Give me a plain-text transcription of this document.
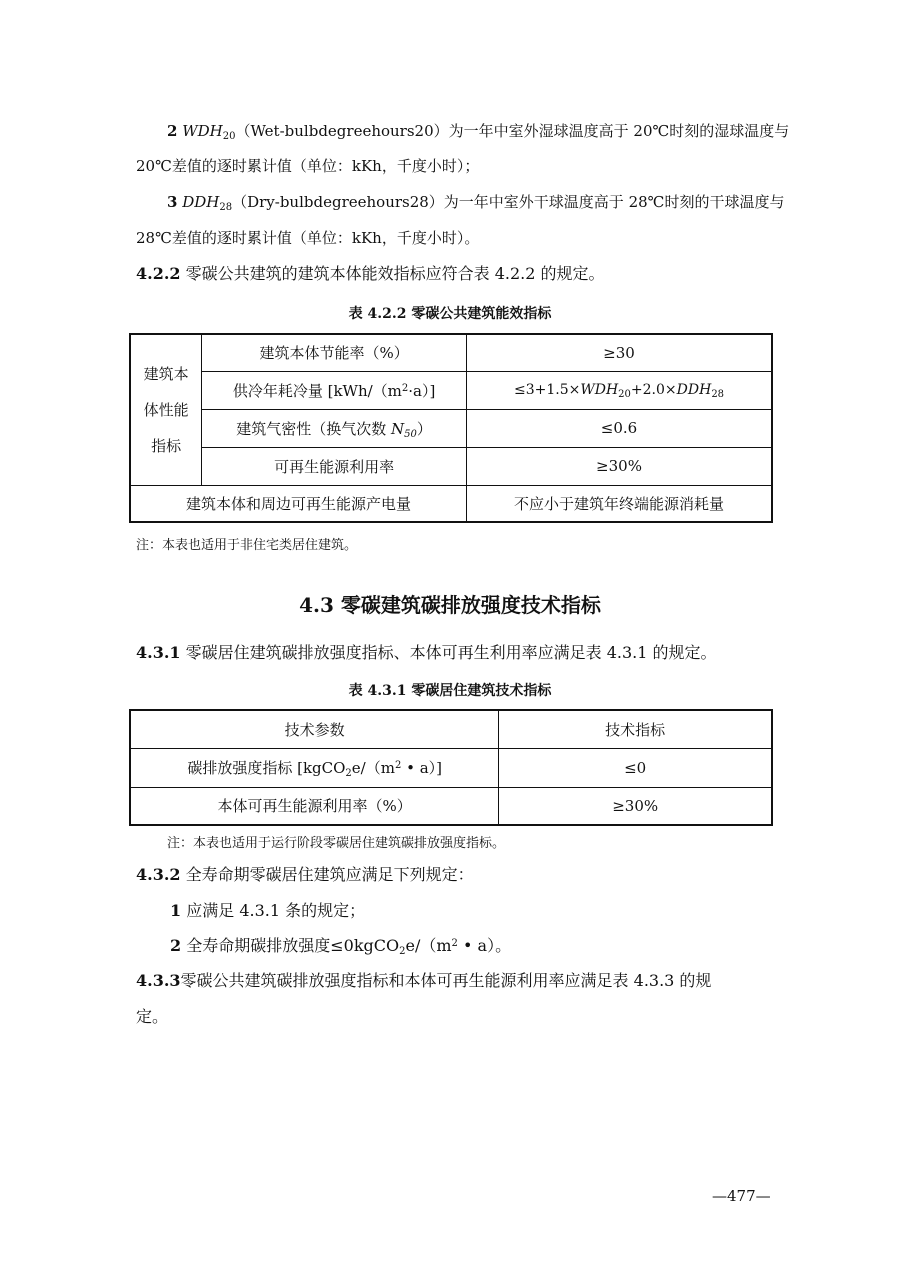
2 $WDH_{20}(Wet-bulbdegreehours20)$为一年中室外湿球温度高于 20℃时刻的湿球温度与
20℃差值的逐时累计值（单位：kKh，千度小时）；
3 $DDH_{28}(Dry-bulbdegreehours28)$为一年中室外干球温度高于 28℃时刻的干球温度与
28℃差值的逐时累计值（单位：kKh，千度小时）。
4.2.2 零碳公共建筑的建筑本体能效指标应符合表 4.2.2 的规定。
表 4.2.2 零碳公共建筑能效指标
建筑本
体性能
指标	建筑本体节能率（%）	≥30
	供冷年耗冷量 $[kWh/(m^2\cdot a)]$	$\le 3+1.5\times WDH_{20}+2.0\times DDH_{28}$
	建筑气密性（换气次数 $N_{50}$）	≤0.6
	可再生能源利用率	≥30%
建筑本体和周边可再生能源产电量		不应小于建筑年终端能源消耗量
注：本表也适用于非住宅类居住建筑。
4.3 零碳建筑碳排放强度技术指标
4.3.1 零碳居住建筑碳排放强度指标、本体可再生利用率应满足表 4.3.1 的规定。
表 4.3.1 零碳居住建筑技术指标
技术参数	技术指标
碳排放强度指标 [$kgCO_2e/(m^2$ • a）]	≤0
本体可再生能源利用率（%）	≥30%
注：本表也适用于运行阶段零碳居住建筑碳排放强度指标。
4.3.2 全寿命期零碳居住建筑应满足下列规定：
1 应满足 4.3.1 条的规定；
2 全寿命期碳排放强度$\le 0kgCO_2e/(m^2$ • a）。
4.3.3零碳公共建筑碳排放强度指标和本体可再生能源利用率应满足表 4.3.3 的规
定。
—477—
